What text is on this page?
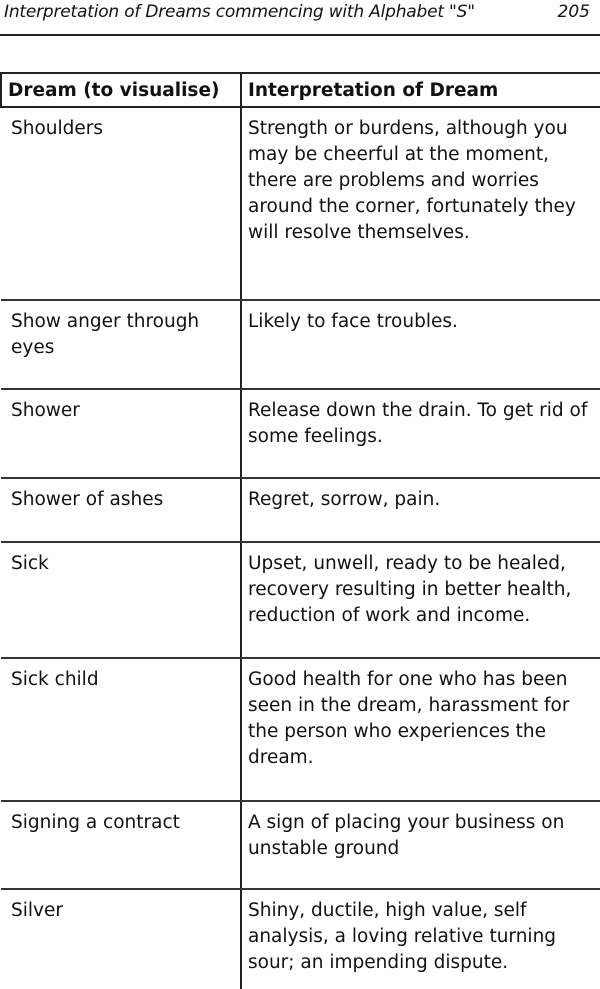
Interpretation of Dreams commencing with Alphabet "S"	205
Dream (to visualise)	Interpretation of Dream
Shoulders	Strength or burdens, although you may be cheerful at the moment, there are problems and worries around the corner, fortunately they will resolve themselves.
Show anger through eyes	Likely to face troubles.
Shower	Release down the drain. To get rid of some feelings.
Shower of ashes	Regret, sorrow, pain.
Sick	Upset, unwell, ready to be healed, recovery resulting in better health, reduction of work and income.
Sick child	Good health for one who has been seen in the dream, harassment for the person who experiences the dream.
Signing a contract	A sign of placing your business on unstable ground
Silver	Shiny, ductile, high value, self analysis, a loving relative turning sour; an impending dispute.
